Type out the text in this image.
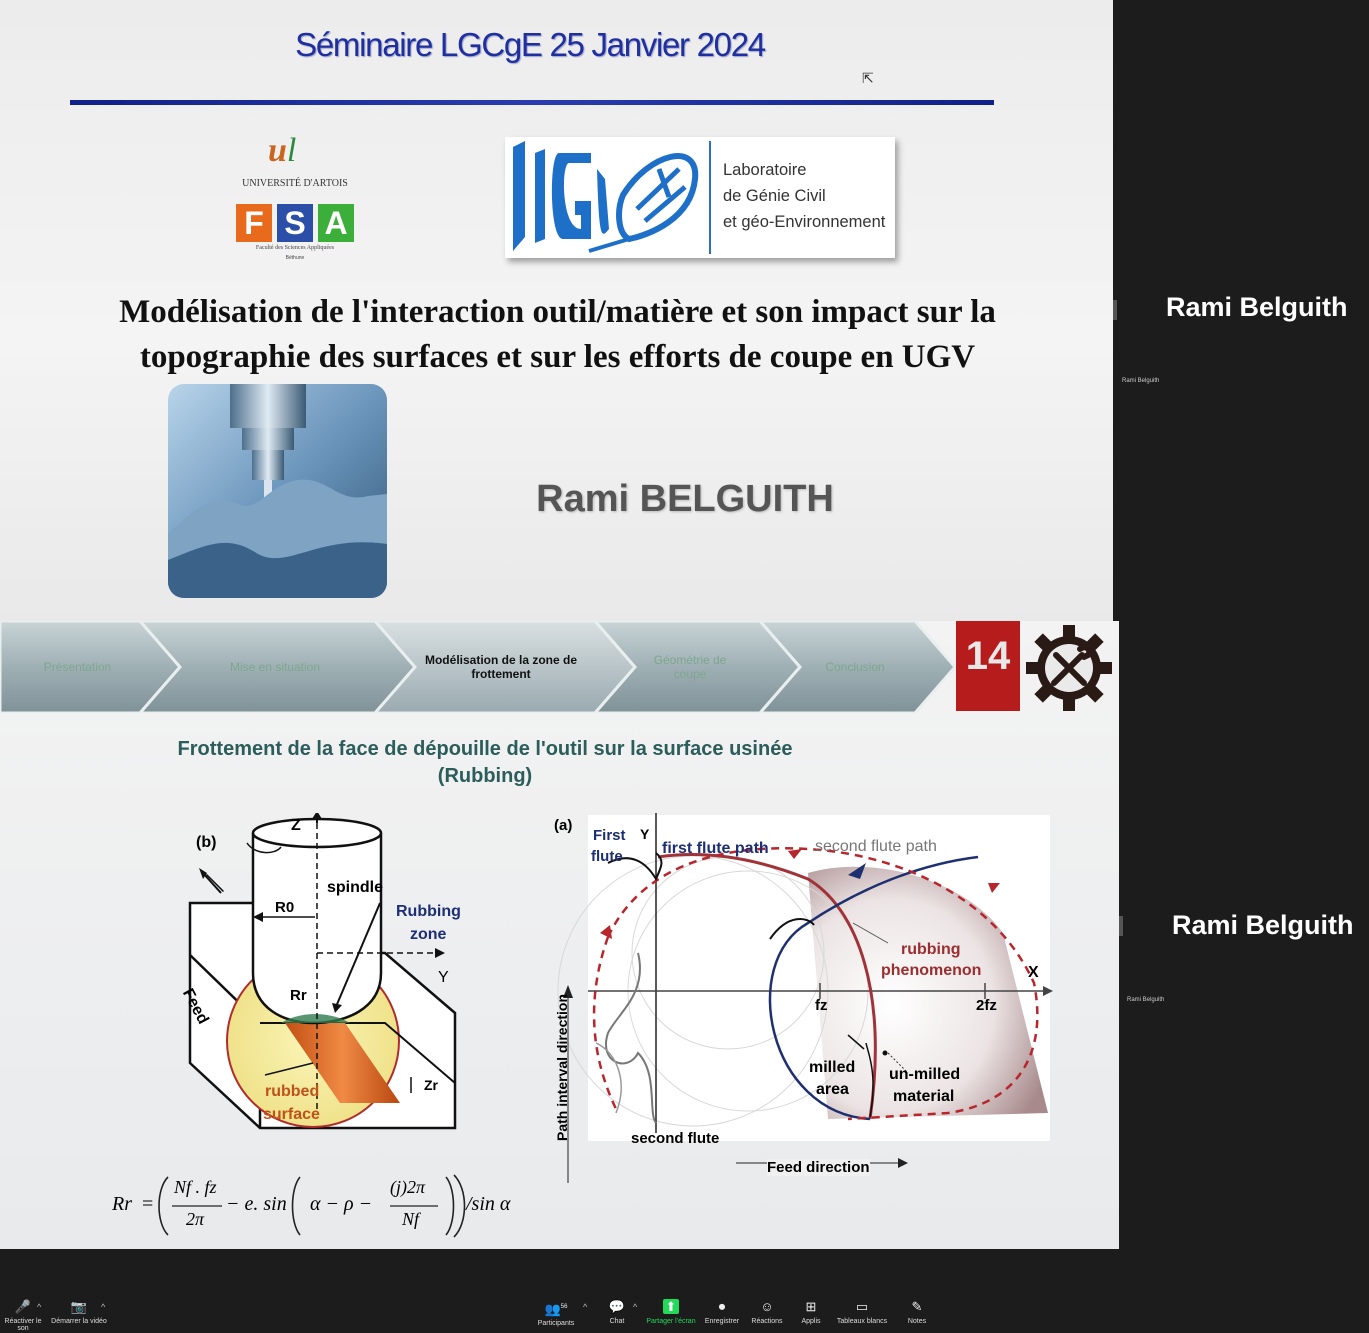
Séminaire LGCgE 25 Janvier 2024
⇱
ul
UNIVERSITÉ D'ARTOIS
F S A
Faculté des Sciences Appliquées
Béthune
Laboratoire
de Génie Civil
et géo-Environnement
Modélisation de l'interaction outil/matière et son impact sur la
topographie des surfaces et sur les efforts de coupe en UGV
Rami BELGUITH
Rami Belguith
Rami Belguith
Rami Belguith
Rami Belguith
Présentation	Mise en situation	Modélisation de la zone de frottement
Géométrie de coupe	Conclusion	14
Frottement de la face de dépouille de l'outil sur la surface usinée
(Rubbing)
(b)
Z
spindle
R0	Rubbing
zone
Y
Feed	Rr
Zr
rubbed
surface
(a)
First
flute
Y
first flute path	second flute path
rubbing
phenomenon	X
fz	2fz
milled
area
un-milled
material
second flute
Path interval direction
Feed direction
Rr =
Nf . fz
2π
− e. sin α − ρ −
(j)2π
Nf
/sin α
🎤
Réactiver le son
^	📷
Démarrer la vidéo
^	👥$^{56}$
Participants
^	💬
Chat
^	⬆
Partager l'écran
⏺
Enregistrer
☺
Réactions
⊞
Applis
▭
Tableaux blancs
✎
Notes
